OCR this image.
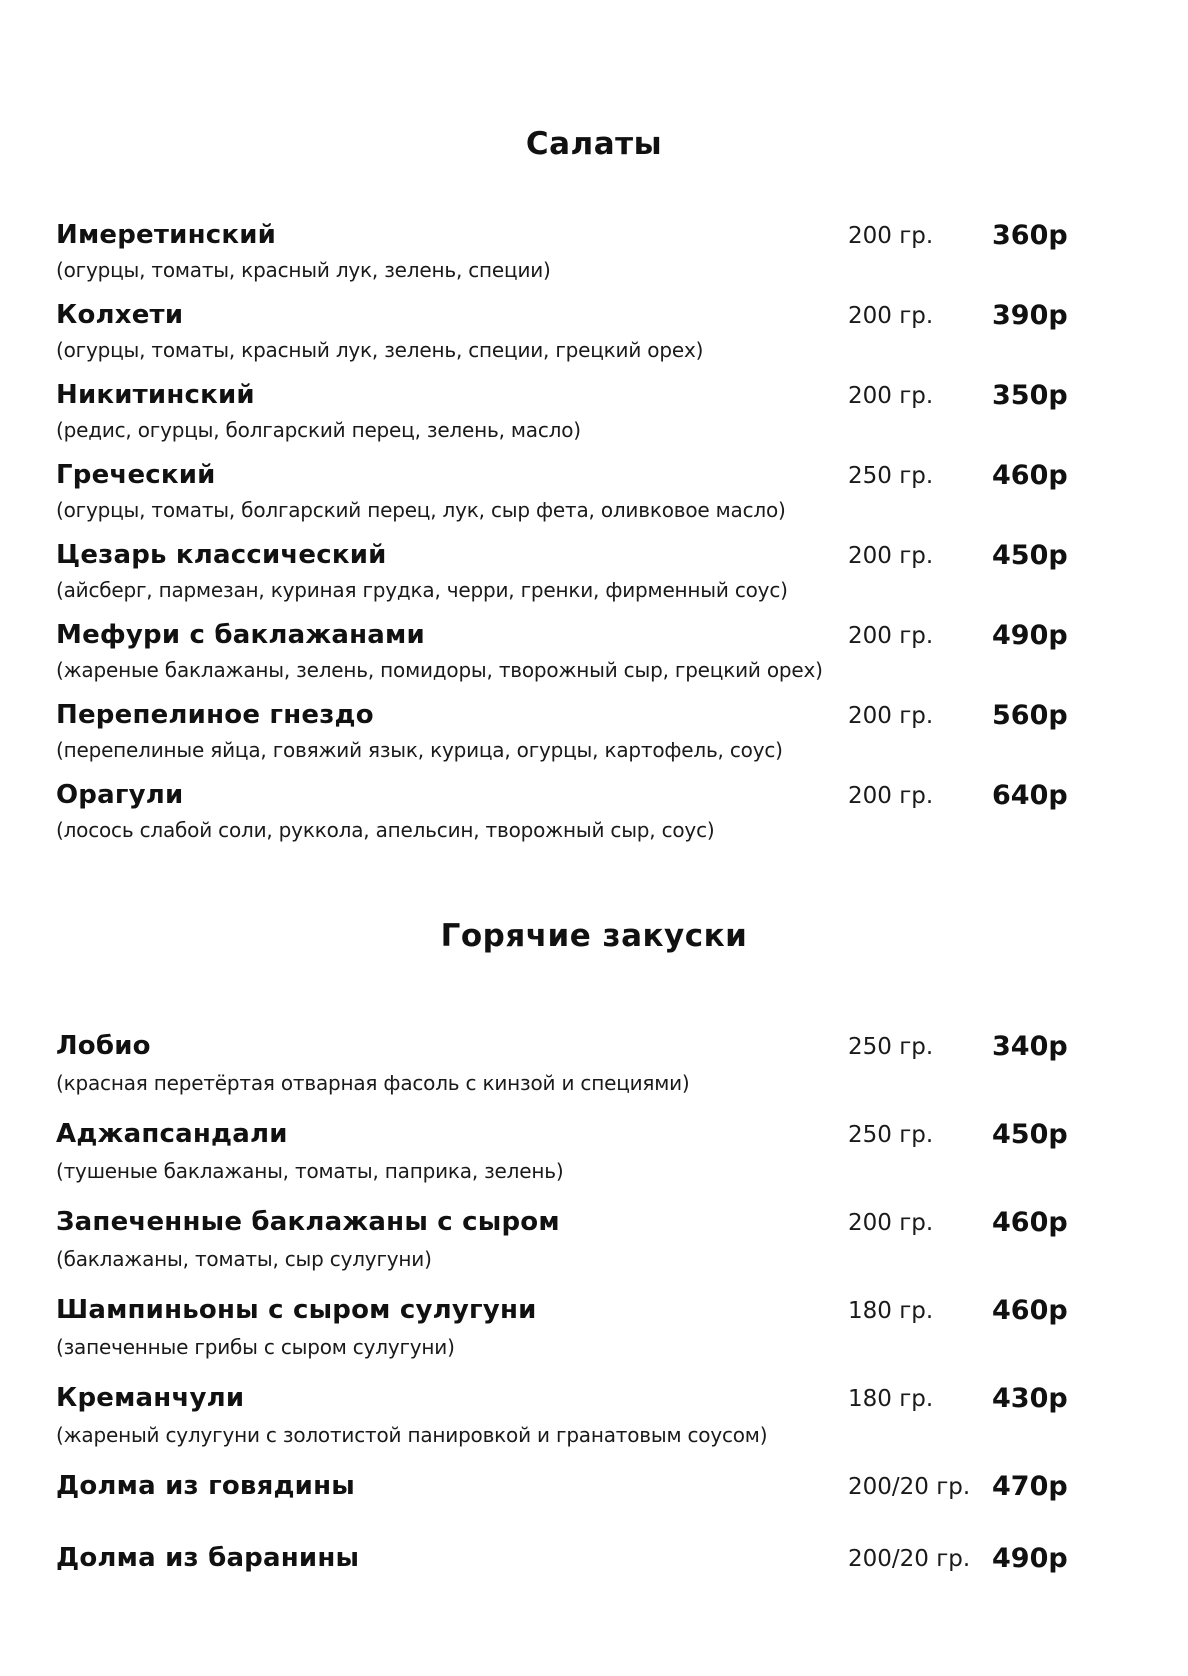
Салаты
Имеретинский
(огурцы, томаты, красный лук, зелень, специи)
200 гр. 360р
Колхети
(огурцы, томаты, красный лук, зелень, специи, грецкий орех)
200 гр. 390р
Никитинский
(редис, огурцы, болгарский перец, зелень, масло)
200 гр. 350р
Греческий
(огурцы, томаты, болгарский перец, лук, сыр фета, оливковое масло)
250 гр. 460р
Цезарь классический
(айсберг, пармезан, куриная грудка, черри, гренки, фирменный соус)
200 гр. 450р
Мефури с баклажанами
(жареные баклажаны, зелень, помидоры, творожный сыр, грецкий орех)
200 гр. 490р
Перепелиное гнездо
(перепелиные яйца, говяжий язык, курица, огурцы, картофель, соус)
200 гр. 560р
Орагули
(лосось слабой соли, руккола, апельсин, творожный сыр, соус)
200 гр. 640р
Горячие закуски
Лобио
(красная перетёртая отварная фасоль с кинзой и специями)
250 гр. 340р
Аджапсандали
(тушеные баклажаны, томаты, паприка, зелень)
250 гр. 450р
Запеченные баклажаны с сыром
(баклажаны, томаты, сыр сулугуни)
200 гр. 460р
Шампиньоны с сыром сулугуни
(запеченные грибы с сыром сулугуни)
180 гр. 460р
Креманчули
(жареный сулугуни с золотистой панировкой и гранатовым соусом)
180 гр. 430р
Долма из говядины	200/20 гр. 470р
Долма из баранины	200/20 гр. 490р
